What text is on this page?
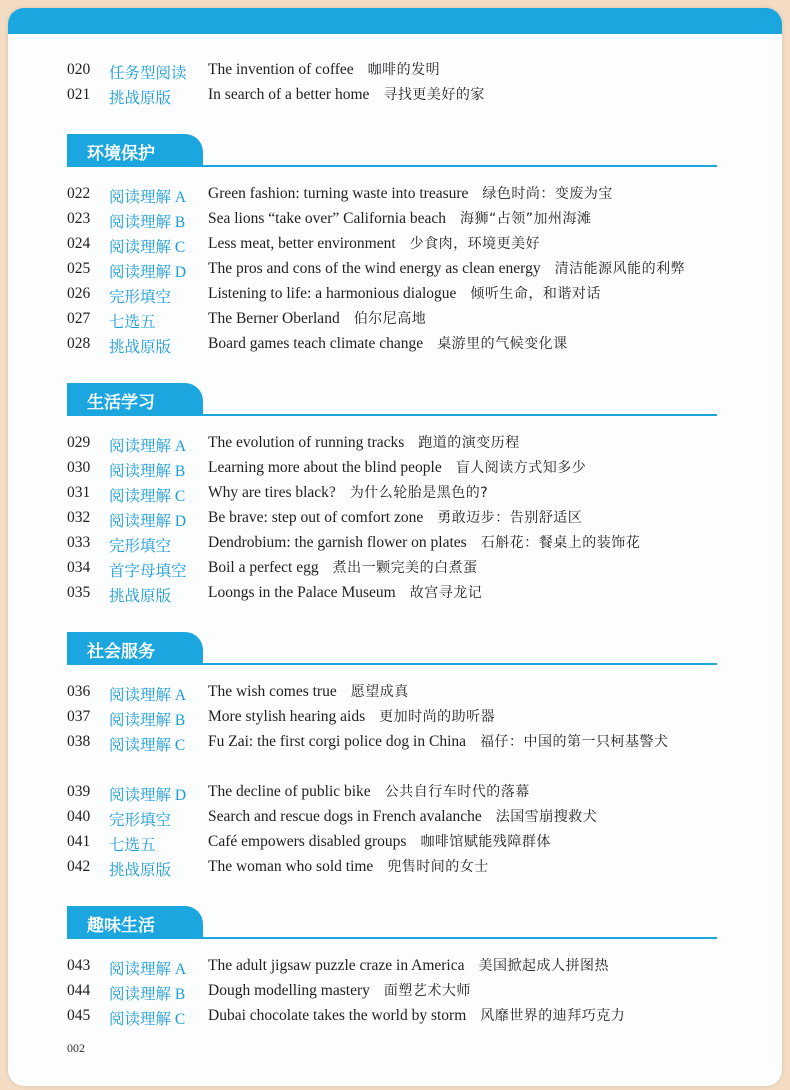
020 任务型阅读 The invention of coffee 咖啡的发明
021 挑战原版 In search of a better home 寻找更美好的家
环境保护
022 阅读理解 A Green fashion: turning waste into treasure 绿色时尚：变废为宝
023 阅读理解 B Sea lions “take over” California beach 海狮“占领”加州海滩
024 阅读理解 C Less meat, better environment 少食肉，环境更美好
025 阅读理解 D The pros and cons of the wind energy as clean energy 清洁能源风能的利弊
026 完形填空 Listening to life: a harmonious dialogue 倾听生命，和谐对话
027 七选五	The Berner Oberland 伯尔尼高地
028 挑战原版 Board games teach climate change 桌游里的气候变化课
生活学习
029 阅读理解 A The evolution of running tracks 跑道的演变历程
030 阅读理解 B Learning more about the blind people 盲人阅读方式知多少
031 阅读理解 C Why are tires black? 为什么轮胎是黑色的?
032 阅读理解 D Be brave: step out of comfort zone 勇敢迈步：告别舒适区
033 完形填空 Dendrobium: the garnish flower on plates 石斛花：餐桌上的装饰花
034 首字母填空 Boil a perfect egg 煮出一颗完美的白煮蛋
035 挑战原版 Loongs in the Palace Museum 故宫寻龙记
社会服务
036 阅读理解 A The wish comes true 愿望成真
037 阅读理解 B More stylish hearing aids 更加时尚的助听器
038 阅读理解 C Fu Zai: the first corgi police dog in China 福仔：中国的第一只柯基警犬
039 阅读理解 D The decline of public bike 公共自行车时代的落幕
040 完形填空 Search and rescue dogs in French avalanche 法国雪崩搜救犬
041 七选五	Café empowers disabled groups 咖啡馆赋能残障群体
042 挑战原版 The woman who sold time 兜售时间的女士
趣味生活
043 阅读理解 A The adult jigsaw puzzle craze in America 美国掀起成人拼图热
044 阅读理解 B Dough modelling mastery 面塑艺术大师
045 阅读理解 C Dubai chocolate takes the world by storm 风靡世界的迪拜巧克力
002
